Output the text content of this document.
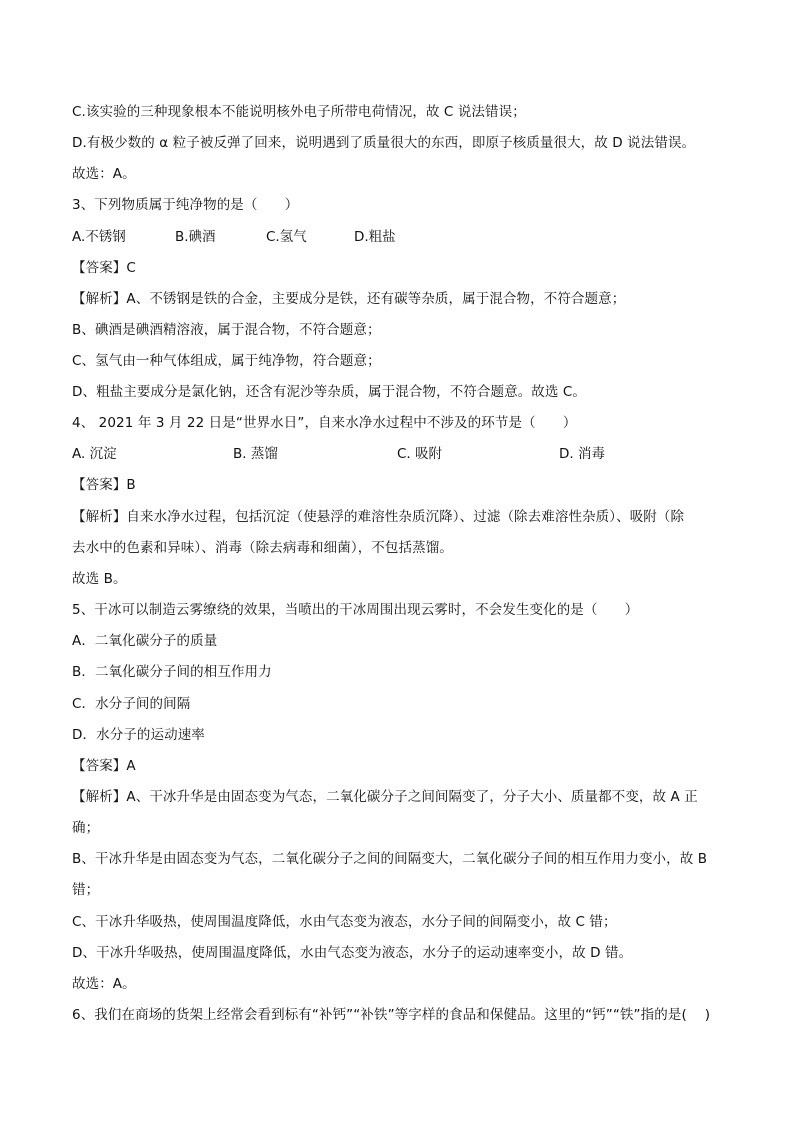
C.该实验的三种现象根本不能说明核外电子所带电荷情况，故 C 说法错误；
D.有极少数的 α 粒子被反弹了回来，说明遇到了质量很大的东西，即原子核质量很大，故 D 说法错误。
故选：A。
3、下列物质属于纯净物的是（　　）
A.不锈钢	B.碘酒	C.氢气	D.粗盐
【答案】C
【解析】A、不锈钢是铁的合金，主要成分是铁，还有碳等杂质，属于混合物，不符合题意；
B、碘酒是碘酒精溶液，属于混合物，不符合题意；
C、氢气由一种气体组成，属于纯净物，符合题意；
D、粗盐主要成分是氯化钠，还含有泥沙等杂质，属于混合物，不符合题意。故选 C。
4、 2021 年 3 月 22 日是“世界水日”，自来水净水过程中不涉及的环节是（　　）
A. 沉淀	B. 蒸馏	C. 吸附	D. 消毒
【答案】B
【解析】自来水净水过程，包括沉淀（使悬浮的难溶性杂质沉降）、过滤（除去难溶性杂质）、吸附（除
去水中的色素和异味）、消毒（除去病毒和细菌），不包括蒸馏。
故选 B。
5、干冰可以制造云雾缭绕的效果，当喷出的干冰周围出现云雾时，不会发生变化的是（　　）
A．二氧化碳分子的质量
B．二氧化碳分子间的相互作用力
C．水分子间的间隔
D．水分子的运动速率
【答案】A
【解析】A、干冰升华是由固态变为气态，二氧化碳分子之间间隔变了，分子大小、质量都不变，故 A 正
确；
B、干冰升华是由固态变为气态，二氧化碳分子之间的间隔变大，二氧化碳分子间的相互作用力变小，故 B
错；
C、干冰升华吸热，使周围温度降低，水由气态变为液态，水分子间的间隔变小，故 C 错；
D、干冰升华吸热，使周围温度降低，水由气态变为液态，水分子的运动速率变小，故 D 错。
故选：A。
6、我们在商场的货架上经常会看到标有“补钙”“补铁”等字样的食品和保健品。这里的“钙”“铁”指的是(　 )
